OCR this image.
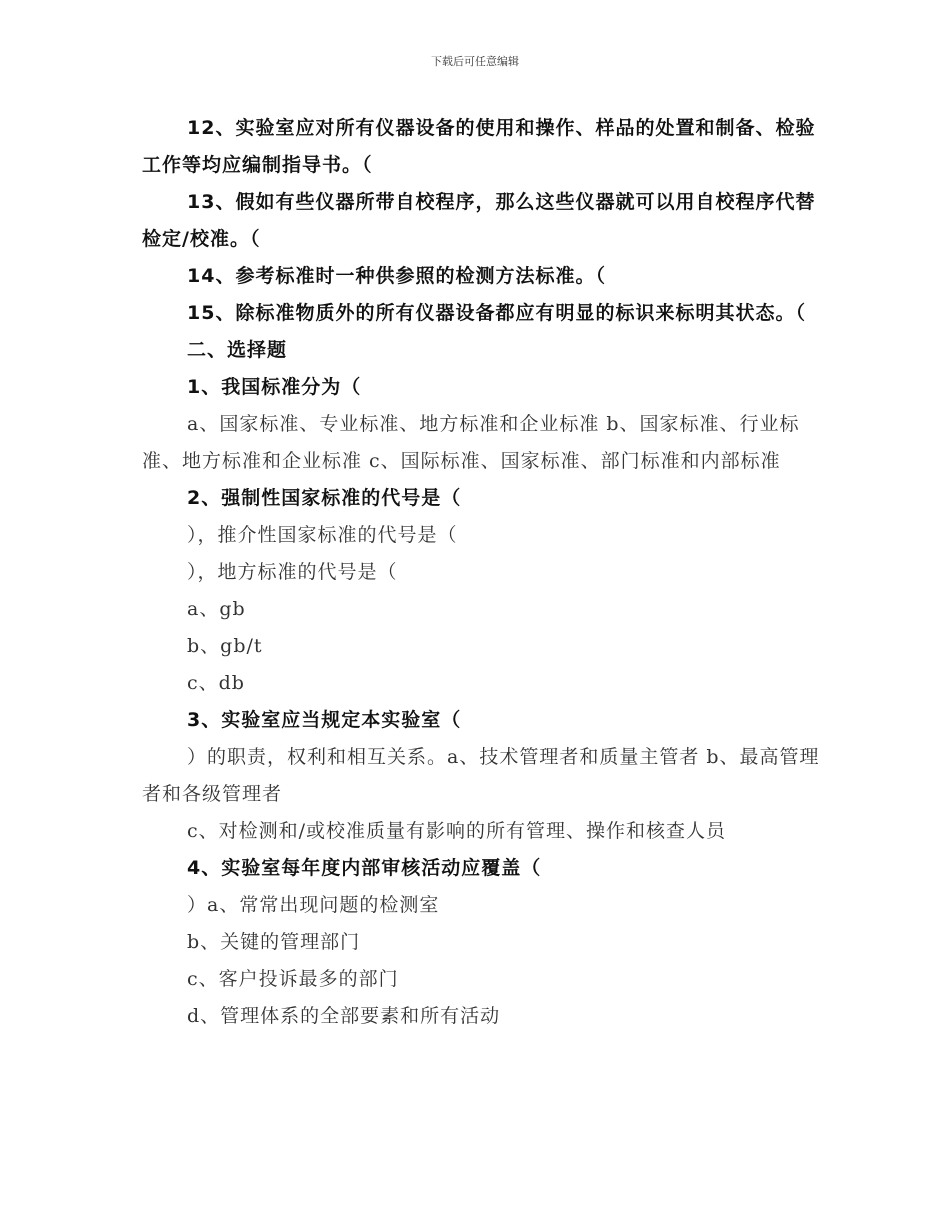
下载后可任意编辑

12、实验室应对所有仪器设备的使用和操作、样品的处置和制备、检验工作等均应编制指导书。（

13、假如有些仪器所带自校程序，那么这些仪器就可以用自校程序代替检定/校准。（

14、参考标准时一种供参照的检测方法标准。（

15、除标准物质外的所有仪器设备都应有明显的标识来标明其状态。（

二、选择题

1、我国标准分为（

a、国家标准、专业标准、地方标准和企业标准 b、国家标准、行业标准、地方标准和企业标准 c、国际标准、国家标准、部门标准和内部标准

2、强制性国家标准的代号是（

），推介性国家标准的代号是（

），地方标准的代号是（

a、gb

b、gb/t

c、db

3、实验室应当规定本实验室（

）的职责，权利和相互关系。a、技术管理者和质量主管者 b、最高管理者和各级管理者

c、对检测和/或校准质量有影响的所有管理、操作和核查人员

4、实验室每年度内部审核活动应覆盖（

）a、常常出现问题的检测室

b、关键的管理部门

c、客户投诉最多的部门

d、管理体系的全部要素和所有活动
